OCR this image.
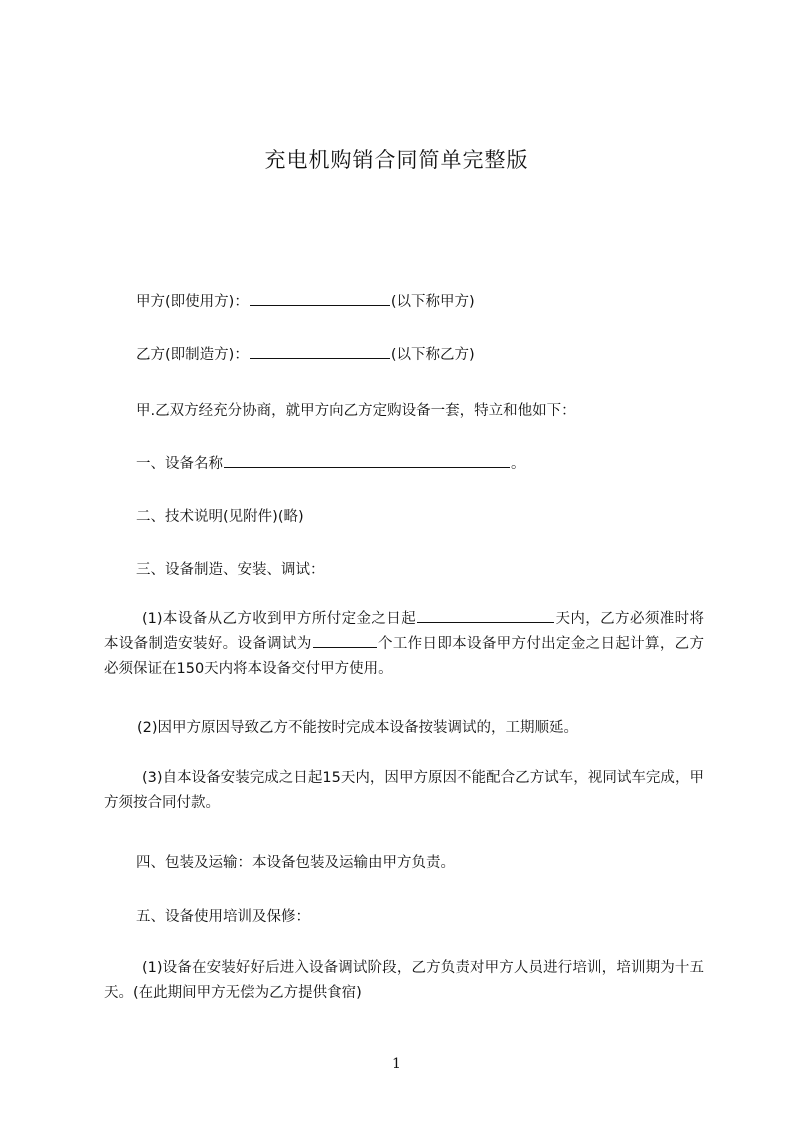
充电机购销合同简单完整版
甲方(即使用方)：	(以下称甲方)
乙方(即制造方)：	(以下称乙方)
甲.乙双方经充分协商，就甲方向乙方定购设备一套，特立和他如下：
一、设备名称	。
二、技术说明(见附件)(略)
三、设备制造、安装、调试：
(1)本设备从乙方收到甲方所付定金之日起	天内，乙方必须准时将本设备制造安装好。设备调试为	个工作日即本设备甲方付出定金之日起计算，乙方必须保证在150天内将本设备交付甲方使用。
(2)因甲方原因导致乙方不能按时完成本设备按装调试的，工期顺延。
(3)自本设备安装完成之日起15天内，因甲方原因不能配合乙方试车，视同试车完成，甲方须按合同付款。
四、包装及运输：本设备包装及运输由甲方负责。
五、设备使用培训及保修：
(1)设备在安装好好后进入设备调试阶段，乙方负责对甲方人员进行培训，培训期为十五天。(在此期间甲方无偿为乙方提供食宿)
1
